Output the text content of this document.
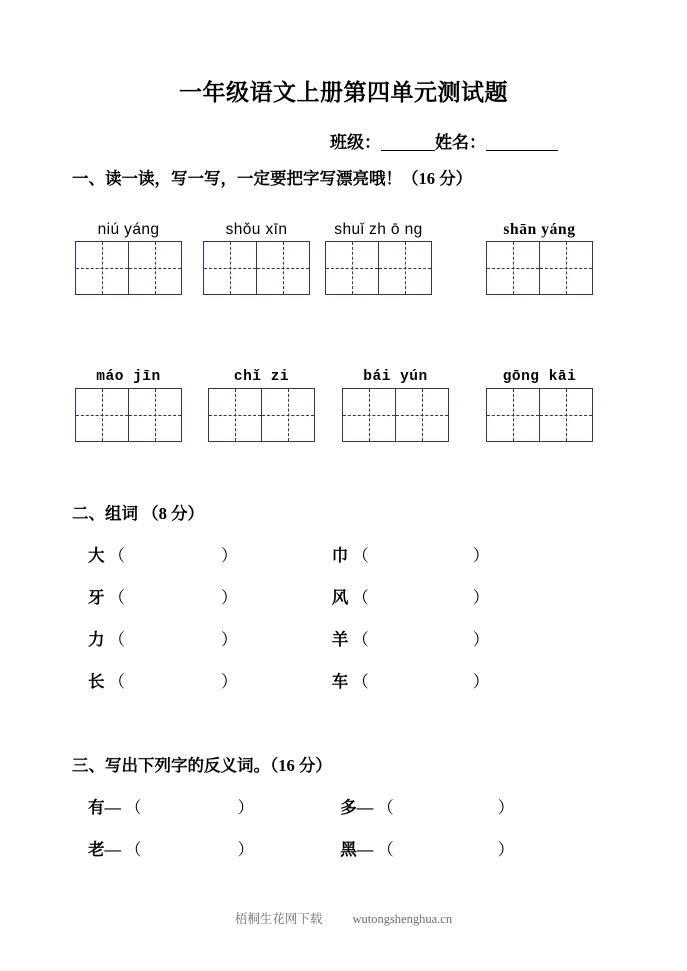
一年级语文上册第四单元测试题
班级：	姓名：
一、读一读，写一写，一定要把字写漂亮哦！（16 分）
niú yáng	shǒu xīn	shuǐ zh ō ng	shān yáng
máo jīn	chǐ zi	bái yún	gōng kāi
二、组词 （8 分）
大 （	）	巾 （	）
牙 （	）	风 （	）
力 （	）	羊 （	）
长 （	）	车 （	）
三、写出下列字的反义词。（16 分）
有— （	）	多— （	）
老— （	）	黑— （	）
梧桐生花网下载 wutongshenghua.cn
